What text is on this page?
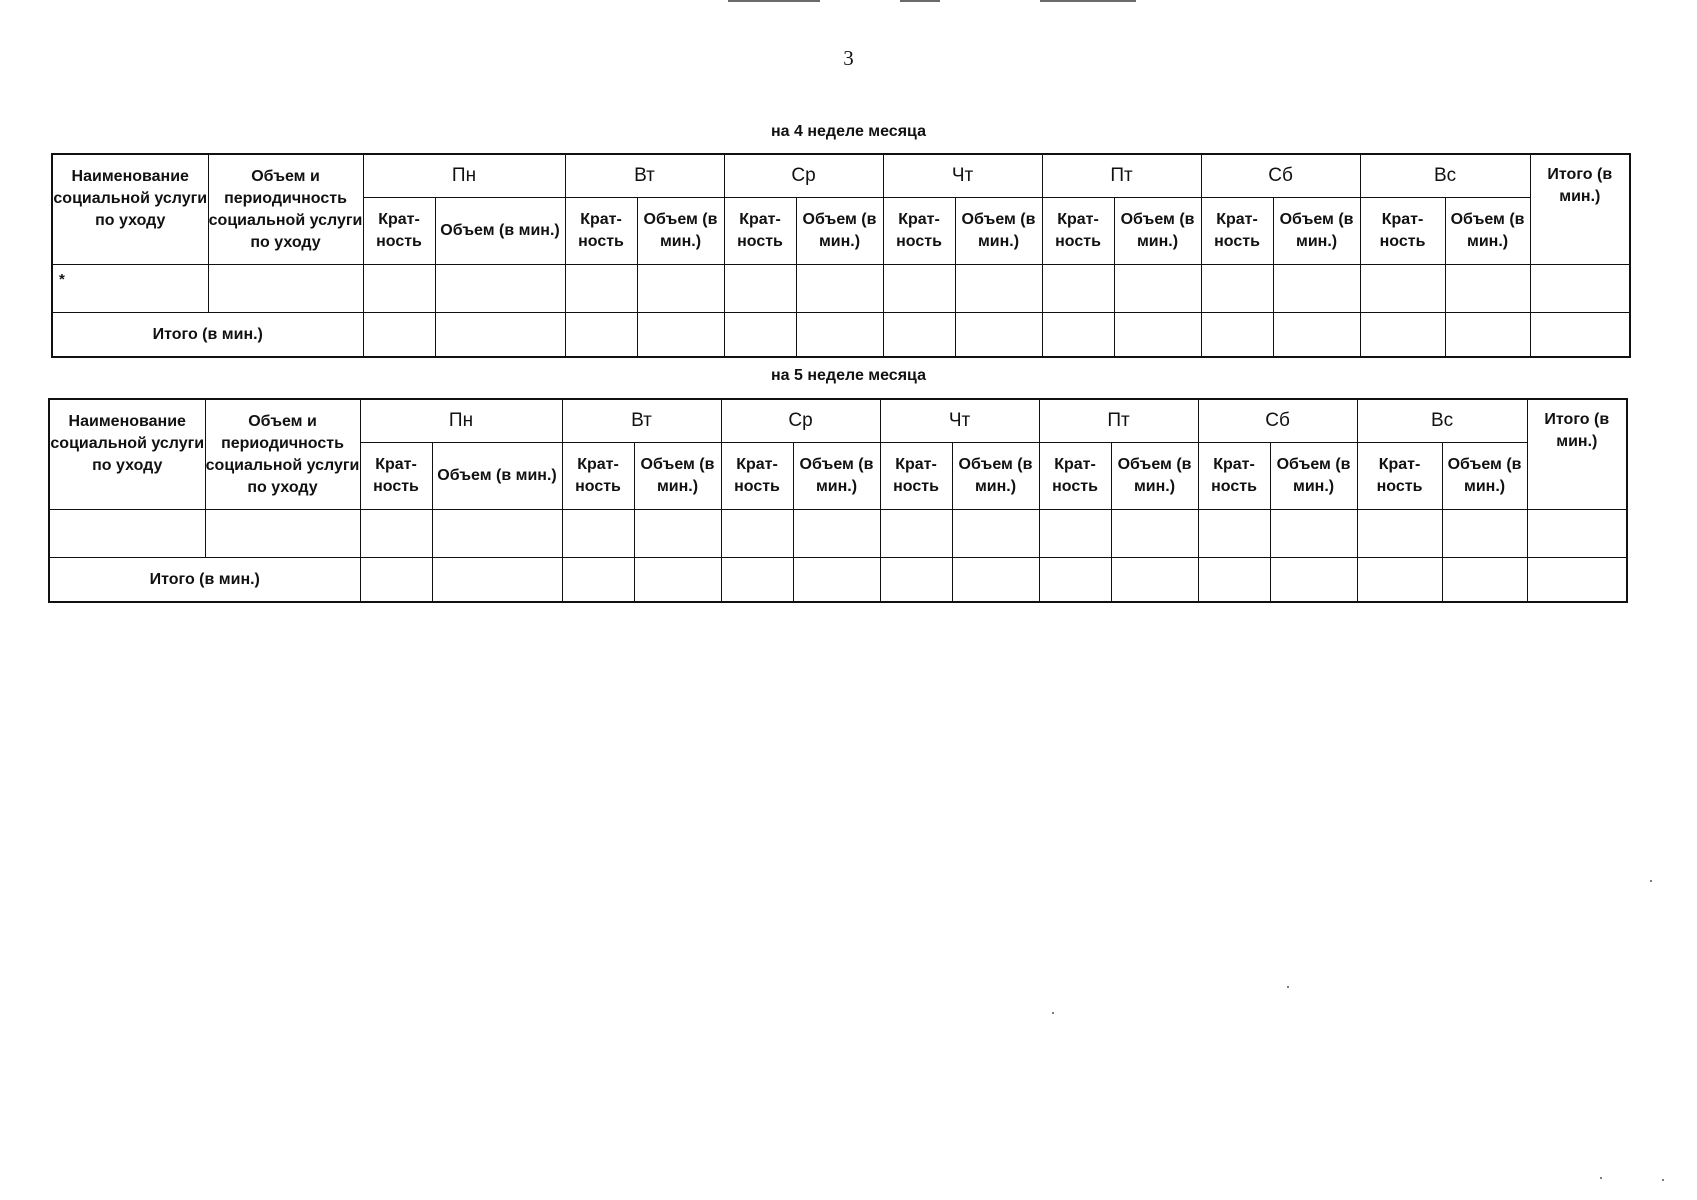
3
на 4 неделе месяца
Наименование социальной услуги по уходу	Объем и периодичность социальной услуги по уходу	Пн		Вт		Ср		Чт		Пт		Сб		Вс		Итого (в мин.)
		Крат-ность	Объем (в мин.)	Крат-ность	Объем (в мин.)	Крат-ность	Объем (в мин.)	Крат-ность	Объем (в мин.)	Крат-ность	Объем (в мин.)	Крат-ность	Объем (в мин.)	Крат-ность	Объем (в мин.)	
*																
Итого (в мин.)																
на 5 неделе месяца
Наименование социальной услуги по уходу	Объем и периодичность социальной услуги по уходу	Пн		Вт		Ср		Чт		Пт		Сб		Вс		Итого (в мин.)
		Крат-ность	Объем (в мин.)	Крат-ность	Объем (в мин.)	Крат-ность	Объем (в мин.)	Крат-ность	Объем (в мин.)	Крат-ность	Объем (в мин.)	Крат-ность	Объем (в мин.)	Крат-ность	Объем (в мин.)	

Итого (в мин.)																
